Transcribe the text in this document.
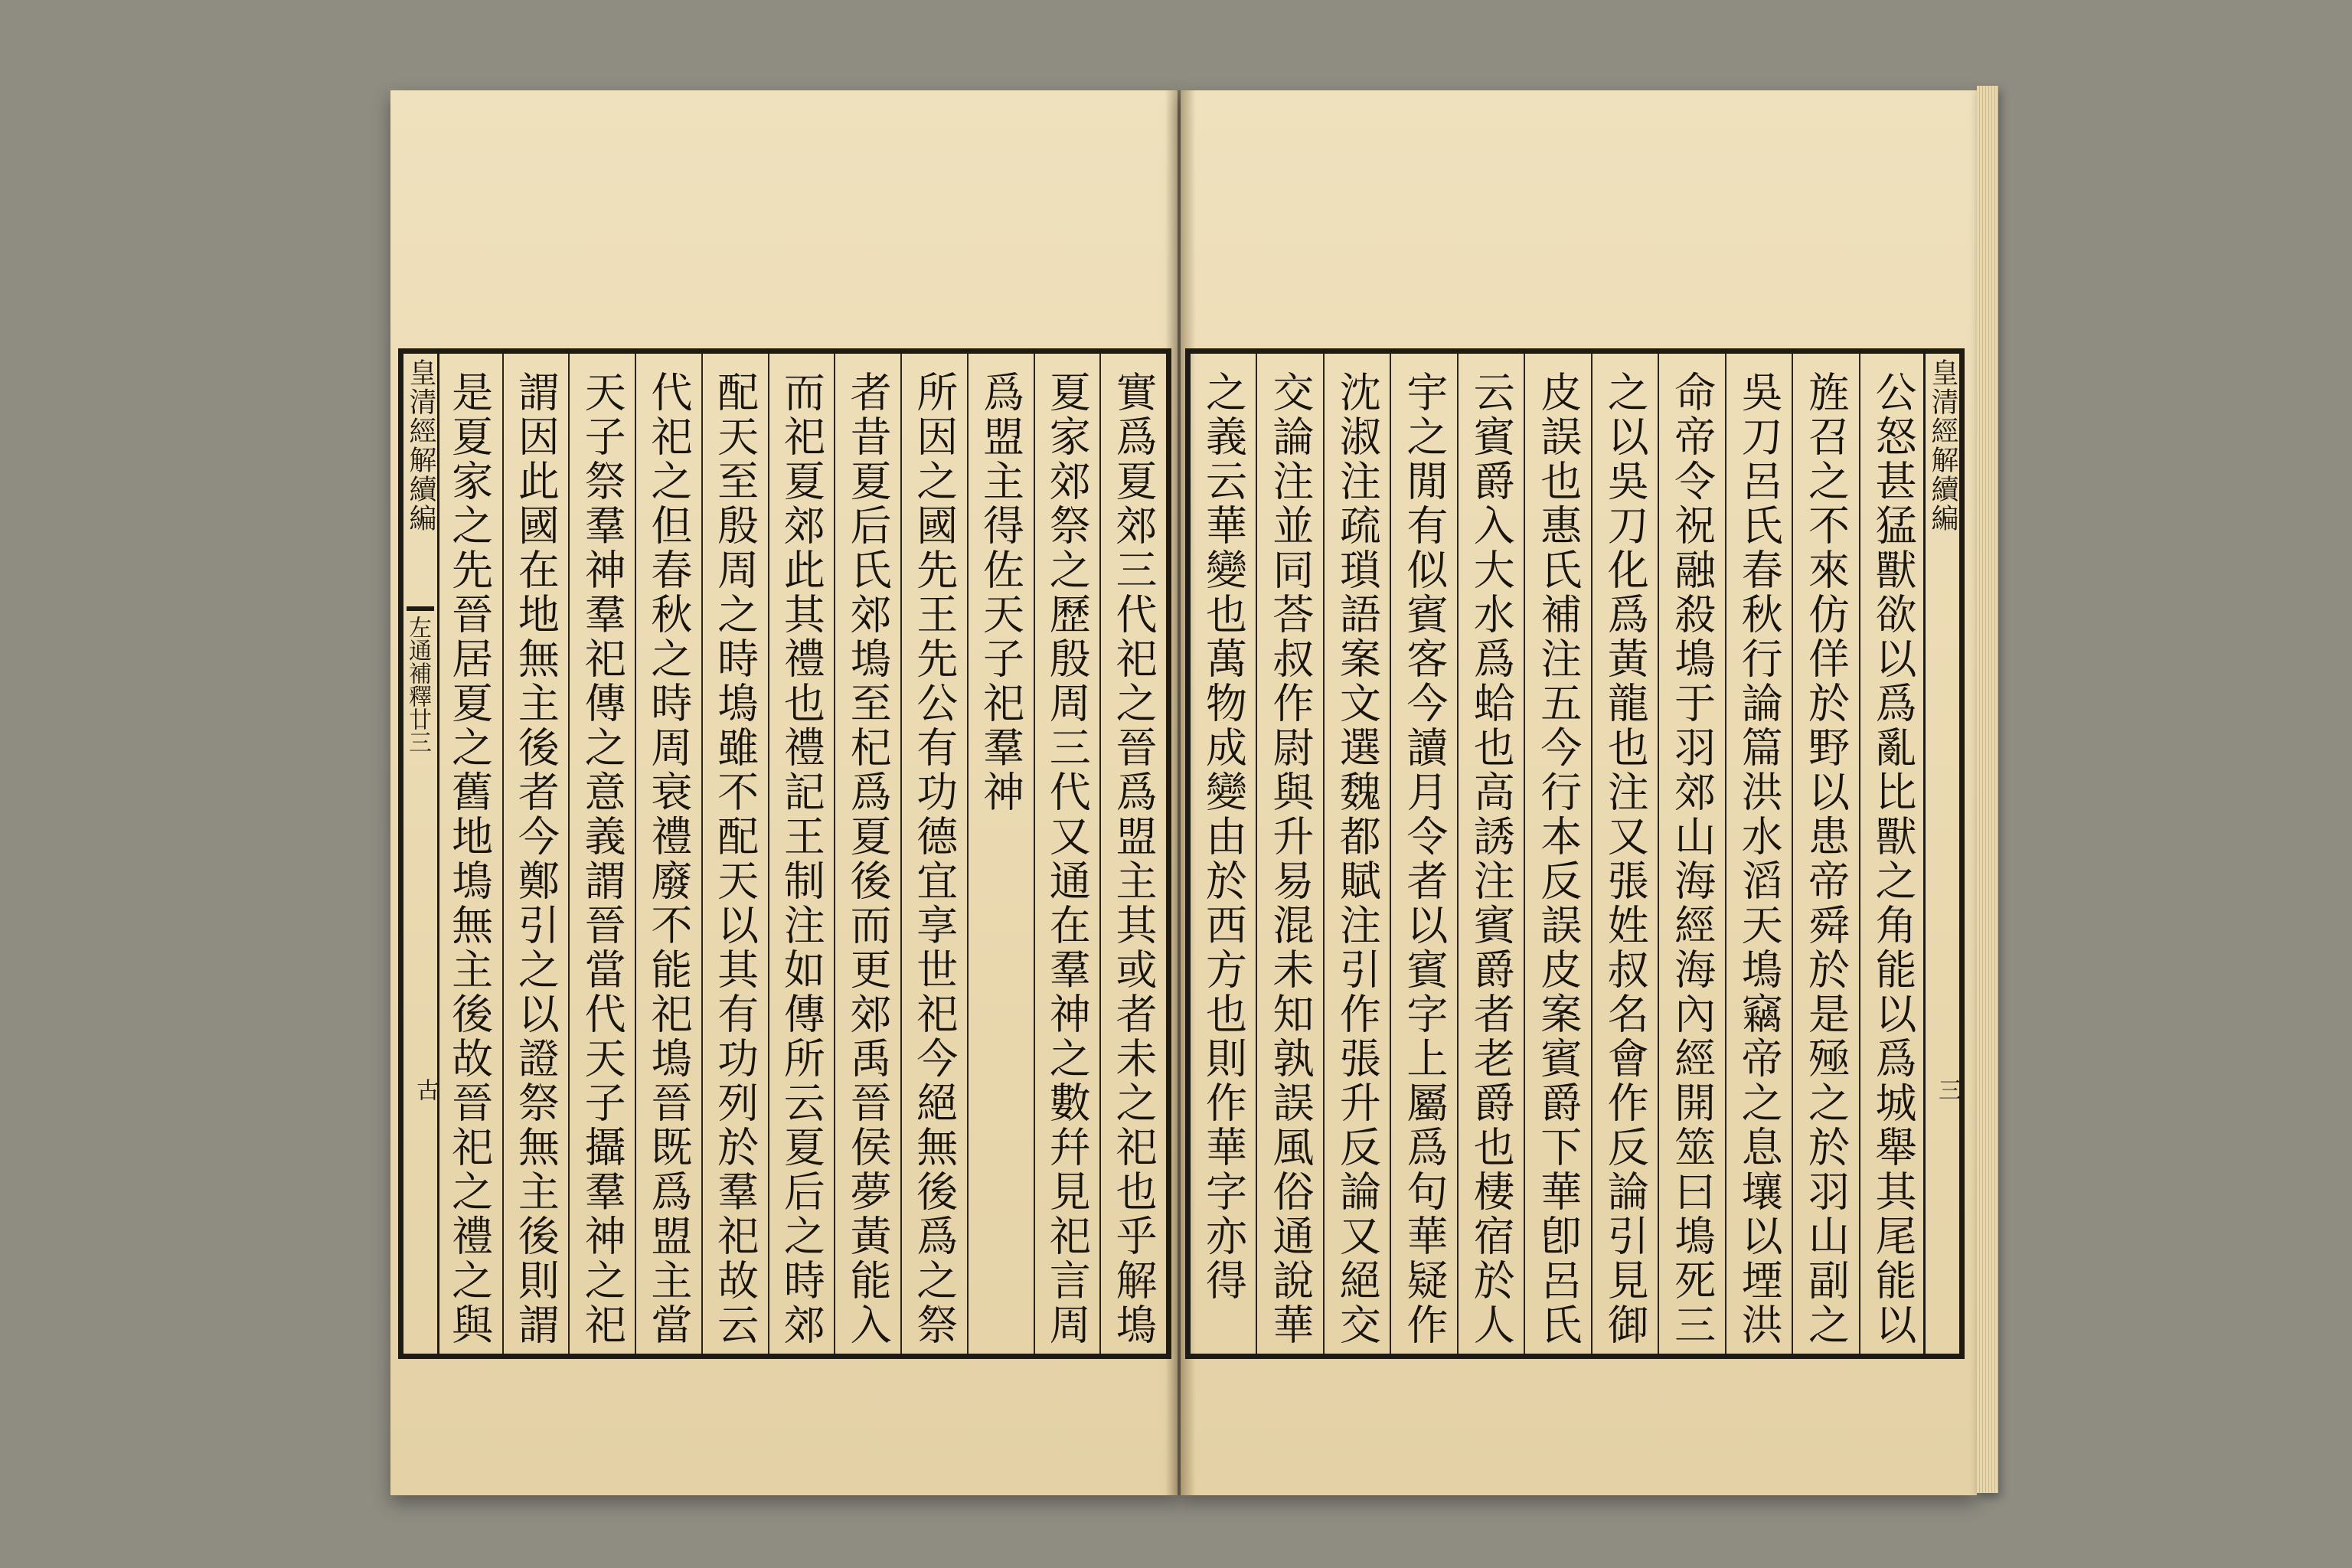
皇清經解續編
左通補釋廿三
古
實爲夏郊三代祀之晉爲盟主其或者未之祀也乎解䲧
夏家郊祭之歷殷周三代又通在羣神之數幷見祀言周
爲盟主得佐天子祀羣神
所因之國先王先公有功德宜享世祀今絕無後爲之祭
者昔夏后氏郊䲧至杞爲夏後而更郊禹晉侯夢黃能入
而祀夏郊此其禮也禮記王制注如傳所云夏后之時郊
配天至殷周之時䲧雖不配天以其有功列於羣祀故云
代祀之但春秋之時周衰禮廢不能祀䲧晉既爲盟主當
天子祭羣神羣祀傳之意義謂晉當代天子攝羣神之祀
謂因此國在地無主後者今鄭引之以證祭無主後則謂
是夏家之先晉居夏之舊地䲧無主後故晉祀之禮之與
皇清經解續編
三
公怒甚猛獸欲以爲亂比獸之角能以爲城舉其尾能以
旌召之不來仿佯於野以患帝舜於是殛之於羽山副之
吳刀呂氏春秋行論篇洪水滔天䲧竊帝之息壤以堙洪
命帝令祝融殺䲧于羽郊山海經海內經開筮曰䲧死三
之以吳刀化爲黃龍也注又張姓叔名會作反論引見御
皮誤也惠氏補注五今行本反誤皮案賓爵下華卽呂氏
云賓爵入大水爲蛤也高誘注賓爵者老爵也棲宿於人
宇之閒有似賓客今讀月令者以賓字上屬爲句華疑作
沈淑注疏瑣語案文選魏都賦注引作張升反論又絕交
交論注並同荅叔作尉與升易混未知孰誤風俗通說華
之義云華變也萬物成變由於西方也則作華字亦得
